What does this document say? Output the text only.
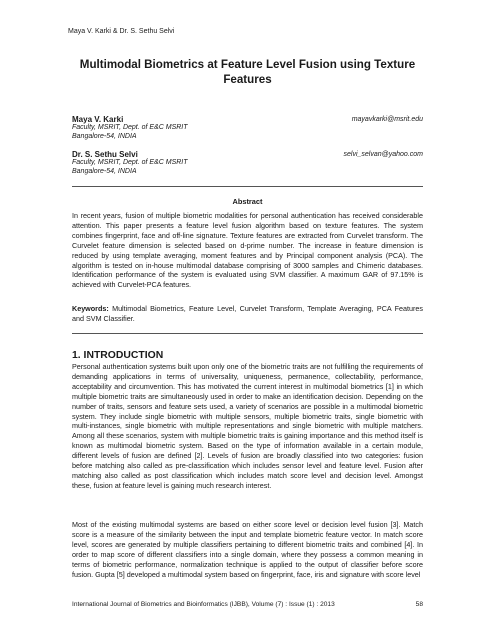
Maya V. Karki & Dr. S. Sethu Selvi
Multimodal Biometrics at Feature Level Fusion using Texture Features
Maya V. Karki	mayavkarki@msrit.edu
Faculty, MSRIT, Dept. of E&C MSRIT
Bangalore-54, INDIA
Dr. S. Sethu Selvi	selvi_selvan@yahoo.com
Faculty, MSRIT, Dept. of E&C MSRIT
Bangalore-54, INDIA
Abstract

In recent years, fusion of multiple biometric modalities for personal authentication has received considerable attention. This paper presents a feature level fusion algorithm based on texture features. The system combines fingerprint, face and off-line signature. Texture features are extracted from Curvelet transform. The Curvelet feature dimension is selected based on d-prime number. The increase in feature dimension is reduced by using template averaging, moment features and by Principal component analysis (PCA). The algorithm is tested on in-house multimodal database comprising of 3000 samples and Chimeric databases. Identification performance of the system is evaluated using SVM classifier. A maximum GAR of 97.15% is achieved with Curvelet-PCA features.

Keywords: Multimodal Biometrics, Feature Level, Curvelet Transform, Template Averaging, PCA Features and SVM Classifier.

1. INTRODUCTION

Personal authentication systems built upon only one of the biometric traits are not fulfilling the requirements of demanding applications in terms of universality, uniqueness, permanence, collectability, performance, acceptability and circumvention. This has motivated the current interest in multimodal biometrics [1] in which multiple biometric traits are simultaneously used in order to make an identification decision. Depending on the number of traits, sensors and feature sets used, a variety of scenarios are possible in a multimodal biometric system. They include single biometric with multiple sensors, multiple biometric traits, single biometric with multi-instances, single biometric with multiple representations and single biometric with multiple matchers. Among all these scenarios, system with multiple biometric traits is gaining importance and this method itself is known as multimodal biometric system. Based on the type of information available in a certain module, different levels of fusion are defined [2]. Levels of fusion are broadly classified into two categories: fusion before matching also called as pre-classification which includes sensor level and feature level. Fusion after matching also called as post classification which includes match score level and decision level. Amongst these, fusion at feature level is gaining much research interest.

Most of the existing multimodal systems are based on either score level or decision level fusion [3]. Match score is a measure of the similarity between the input and template biometric feature vector. In match score level, scores are generated by multiple classifiers pertaining to different biometric traits and combined [4]. In order to map score of different classifiers into a single domain, where they possess a common meaning in terms of biometric performance, normalization technique is applied to the output of classifier before score fusion. Gupta [5] developed a multimodal system based on fingerprint, face, iris and signature with score level

International Journal of Biometrics and Bioinformatics (IJBB), Volume (7) : Issue (1) : 2013	58
